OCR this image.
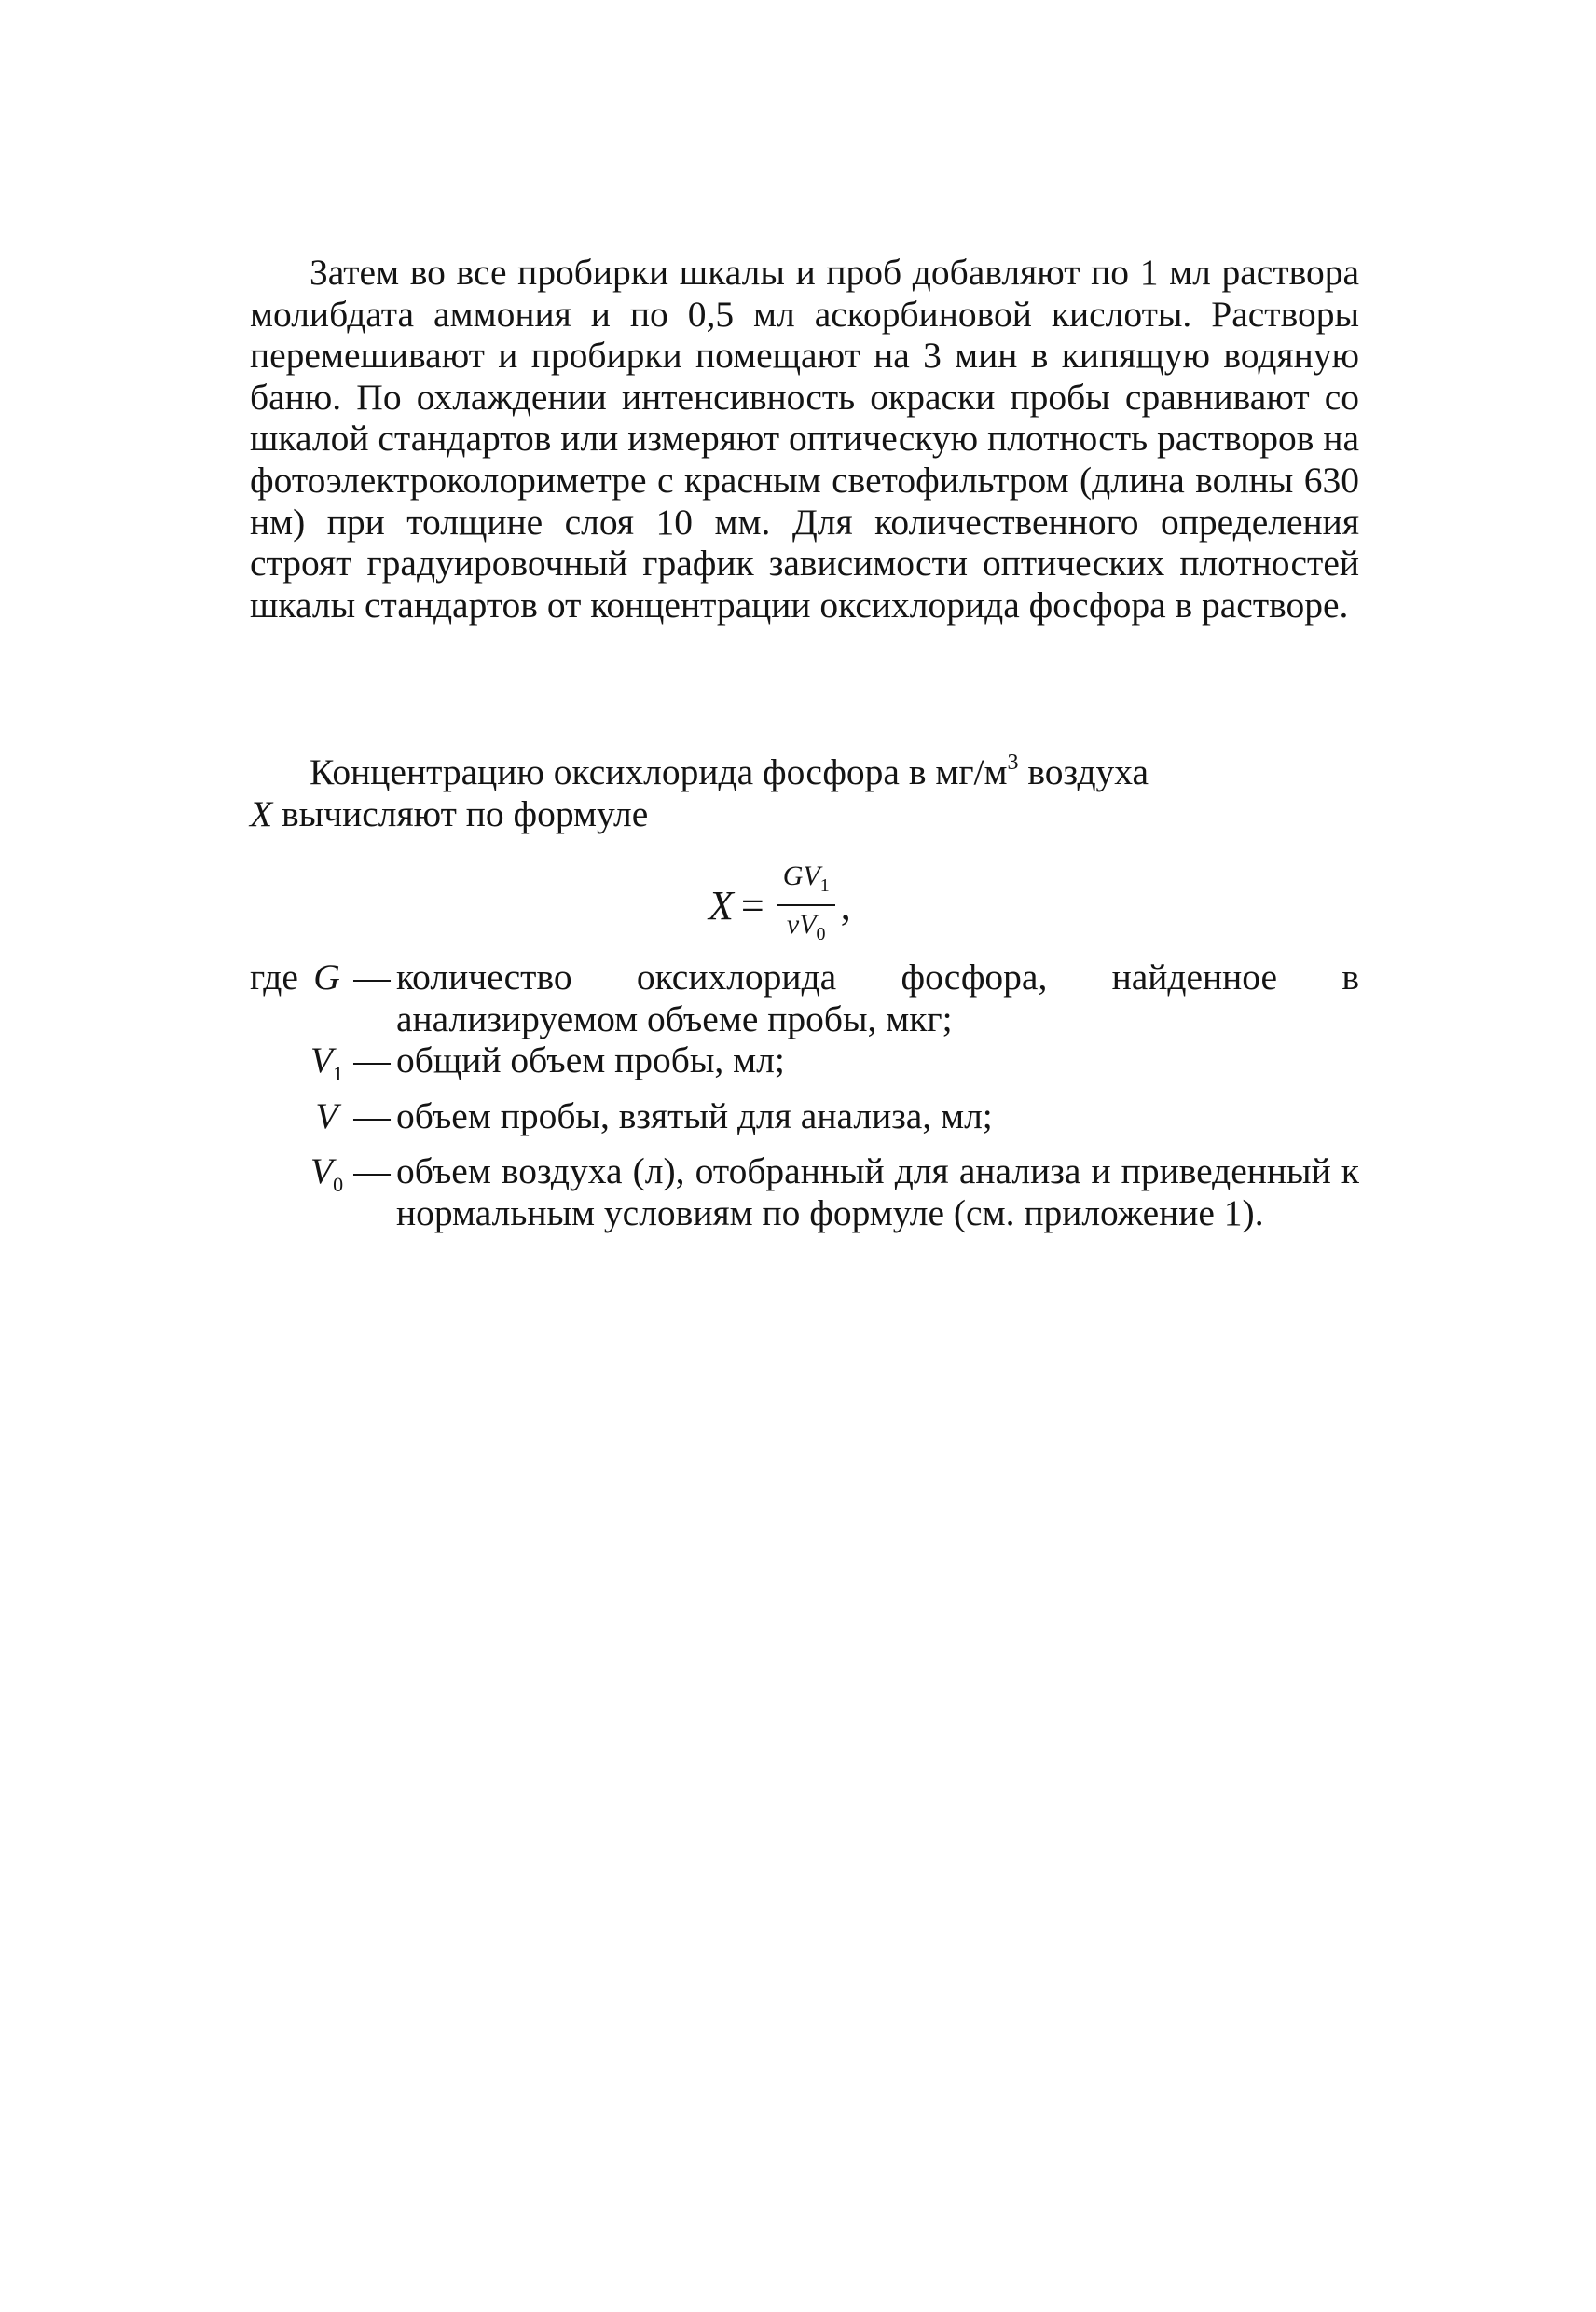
Затем во все пробирки шкалы и проб добавляют по 1 мл раствора молибдата аммония и по 0,5 мл аскорбиновой кислоты. Растворы перемешивают и пробирки помещают на 3 мин в кипящую водяную баню. По охлаждении интенсивность окраски пробы сравнивают со шкалой стандартов или измеряют оптическую плотность растворов на фотоэлектроколориметре с красным светофильтром (длина волны 630 нм) при толщине слоя 10 мм. Для количественного определения строят градуировочный график зависимости оптических плотностей шкалы стандартов от концентрации оксихлорида фосфора в растворе.

Концентрацию оксихлорида фосфора в $мг/м^3$ воздуха
X вычисляют по формуле

$X = \frac{GV_1}{vV_0}$ ,
где G — количество оксихлорида фосфора, найденное в анализируемом объеме пробы, мкг;
$V_1$ — общий объем пробы, мл;
V — объем пробы, взятый для анализа, мл;
$V_0$ — объем воздуха (л), отобранный для анализа и приведенный к нормальным условиям по формуле (см. приложение 1).
